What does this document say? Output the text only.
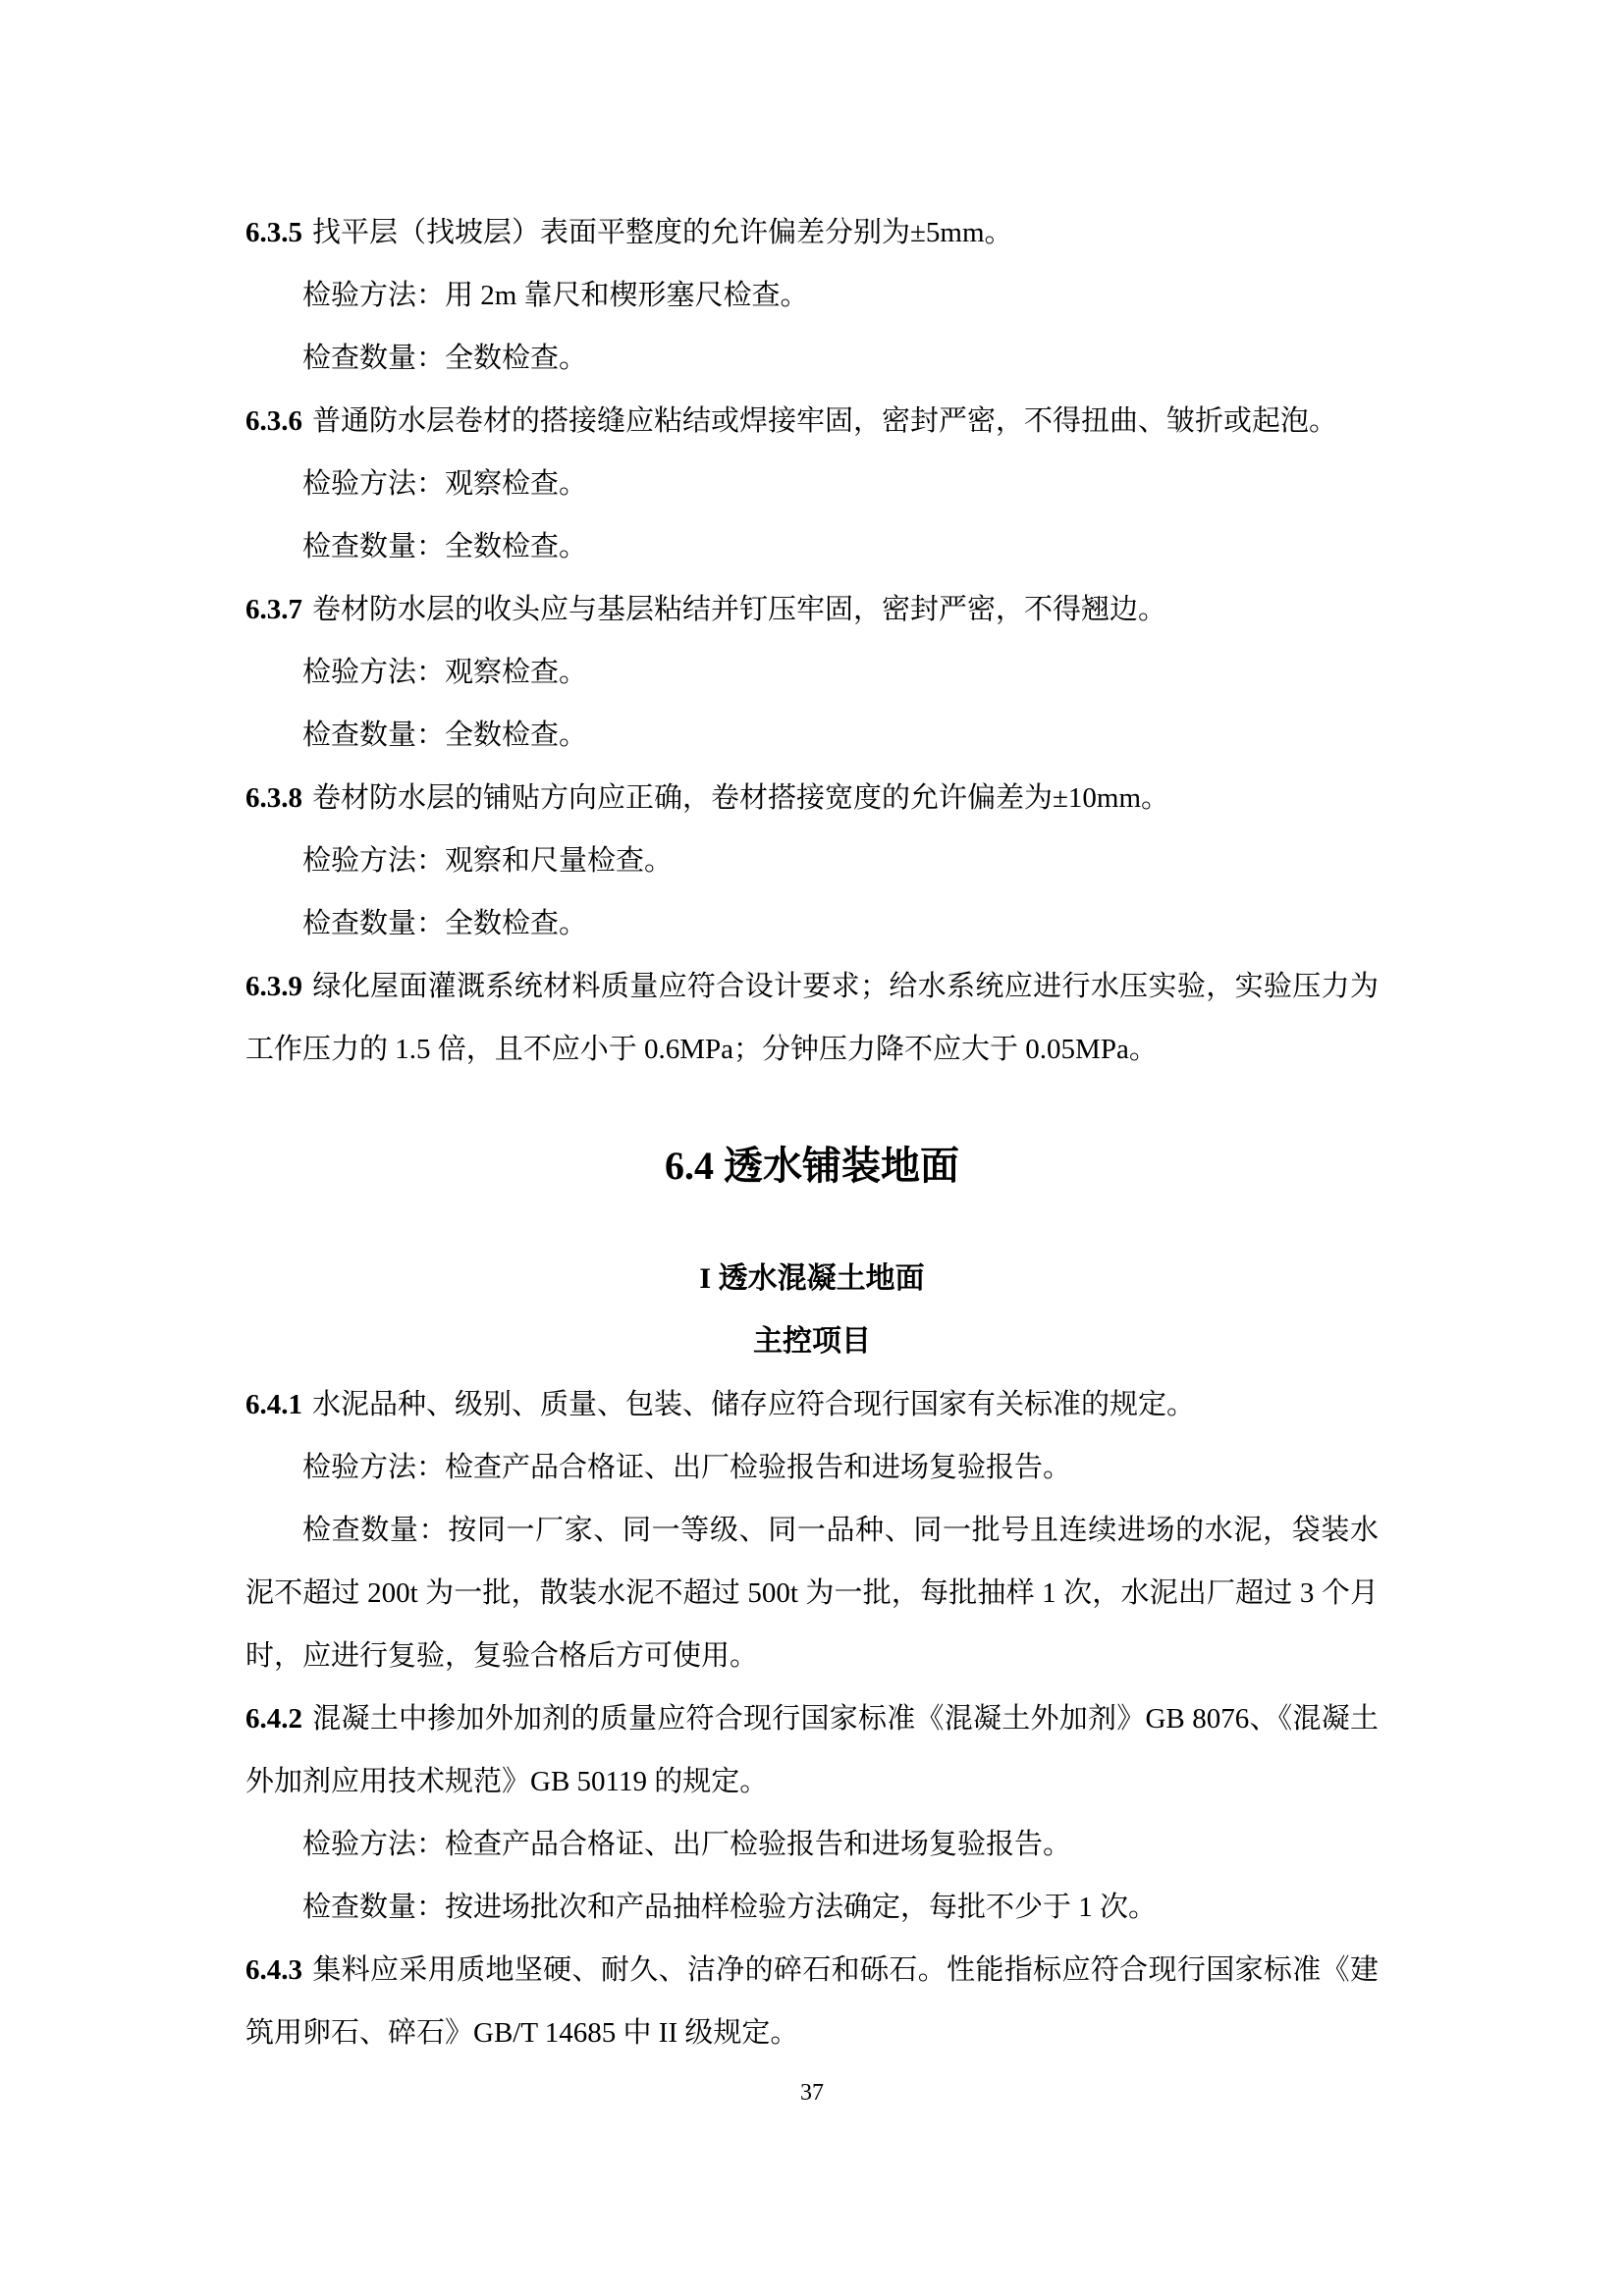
6.3.5 找平层（找坡层）表面平整度的允许偏差分别为±5mm。

检验方法：用 2m 靠尺和楔形塞尺检查。

检查数量：全数检查。

6.3.6 普通防水层卷材的搭接缝应粘结或焊接牢固，密封严密，不得扭曲、皱折或起泡。

检验方法：观察检查。

检查数量：全数检查。

6.3.7 卷材防水层的收头应与基层粘结并钉压牢固，密封严密，不得翘边。

检验方法：观察检查。

检查数量：全数检查。

6.3.8 卷材防水层的铺贴方向应正确，卷材搭接宽度的允许偏差为±10mm。

检验方法：观察和尺量检查。

检查数量：全数检查。

6.3.9 绿化屋面灌溉系统材料质量应符合设计要求；给水系统应进行水压实验，实验压力为工作压力的 1.5 倍，且不应小于 0.6MPa；分钟压力降不应大于 0.05MPa。

6.4 透水铺装地面
I 透水混凝土地面
主控项目

6.4.1 水泥品种、级别、质量、包装、储存应符合现行国家有关标准的规定。

检验方法：检查产品合格证、出厂检验报告和进场复验报告。

检查数量：按同一厂家、同一等级、同一品种、同一批号且连续进场的水泥，袋装水泥不超过 200t 为一批，散装水泥不超过 500t 为一批，每批抽样 1 次，水泥出厂超过 3 个月时，应进行复验，复验合格后方可使用。

6.4.2 混凝土中掺加外加剂的质量应符合现行国家标准《混凝土外加剂》GB 8076、《混凝土外加剂应用技术规范》GB 50119 的规定。

检验方法：检查产品合格证、出厂检验报告和进场复验报告。

检查数量：按进场批次和产品抽样检验方法确定，每批不少于 1 次。

6.4.3 集料应采用质地坚硬、耐久、洁净的碎石和砾石。性能指标应符合现行国家标准《建筑用卵石、碎石》GB/T 14685 中 II 级规定。

37
